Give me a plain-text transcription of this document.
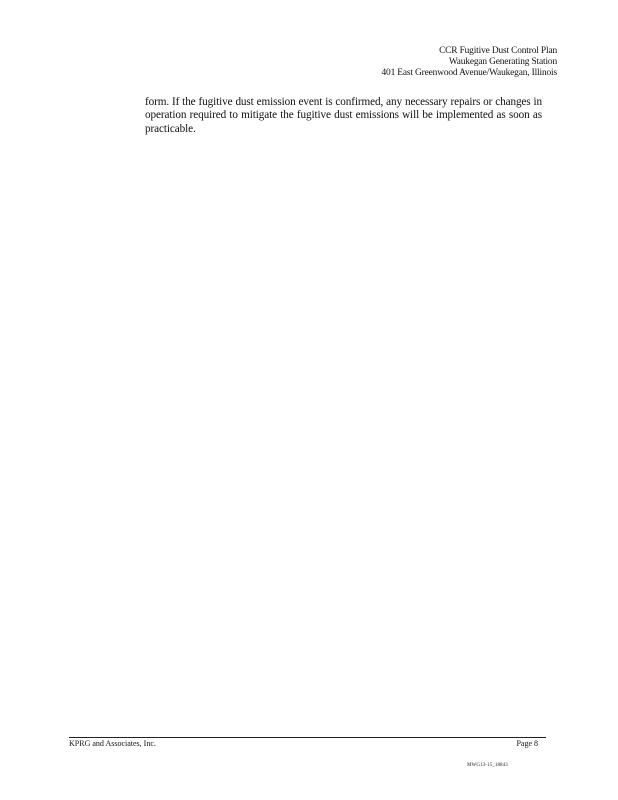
CCR Fugitive Dust Control Plan
Waukegan Generating Station
401 East Greenwood Avenue/Waukegan, Illinois

form. If the fugitive dust emission event is confirmed, any necessary repairs or changes in operation required to mitigate the fugitive dust emissions will be implemented as soon as practicable.

KPRG and Associates, Inc.	Page 8
MWG13-15_18843
